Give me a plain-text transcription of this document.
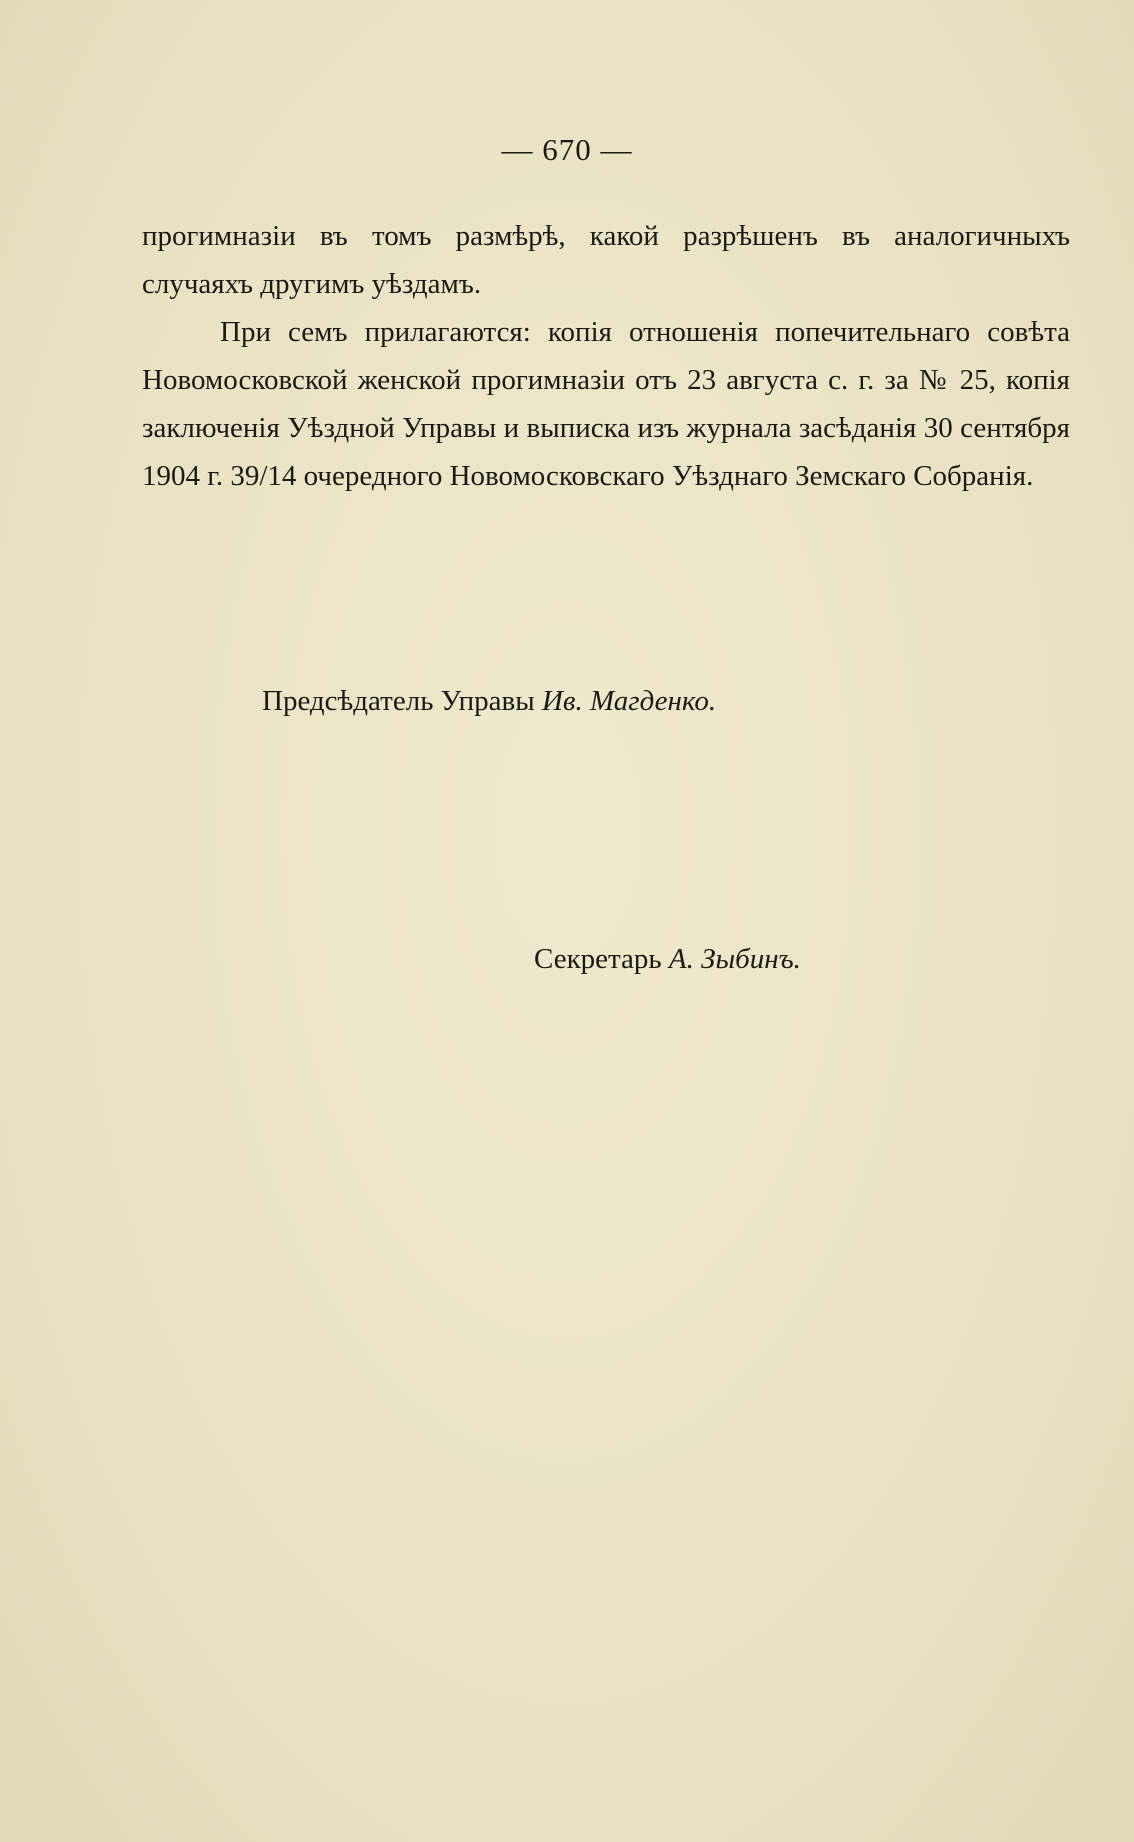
— 670 —

прогимназіи въ томъ размѣрѣ, какой разрѣшенъ въ аналогичныхъ случаяхъ другимъ уѣздамъ.

При семъ прилагаются: копія отношенія попечительнаго совѣта Новомосковской женской прогимназіи отъ 23 августа с. г. за № 25, копія заключенія Уѣздной Управы и выписка изъ журнала засѣданія 30 сентября 1904 г. 39/14 очередного Новомосковскаго Уѣзднаго Земскаго Собранія.

Предсѣдатель Управы Ив. Магденко.
Секретарь А. Зыбинъ.
